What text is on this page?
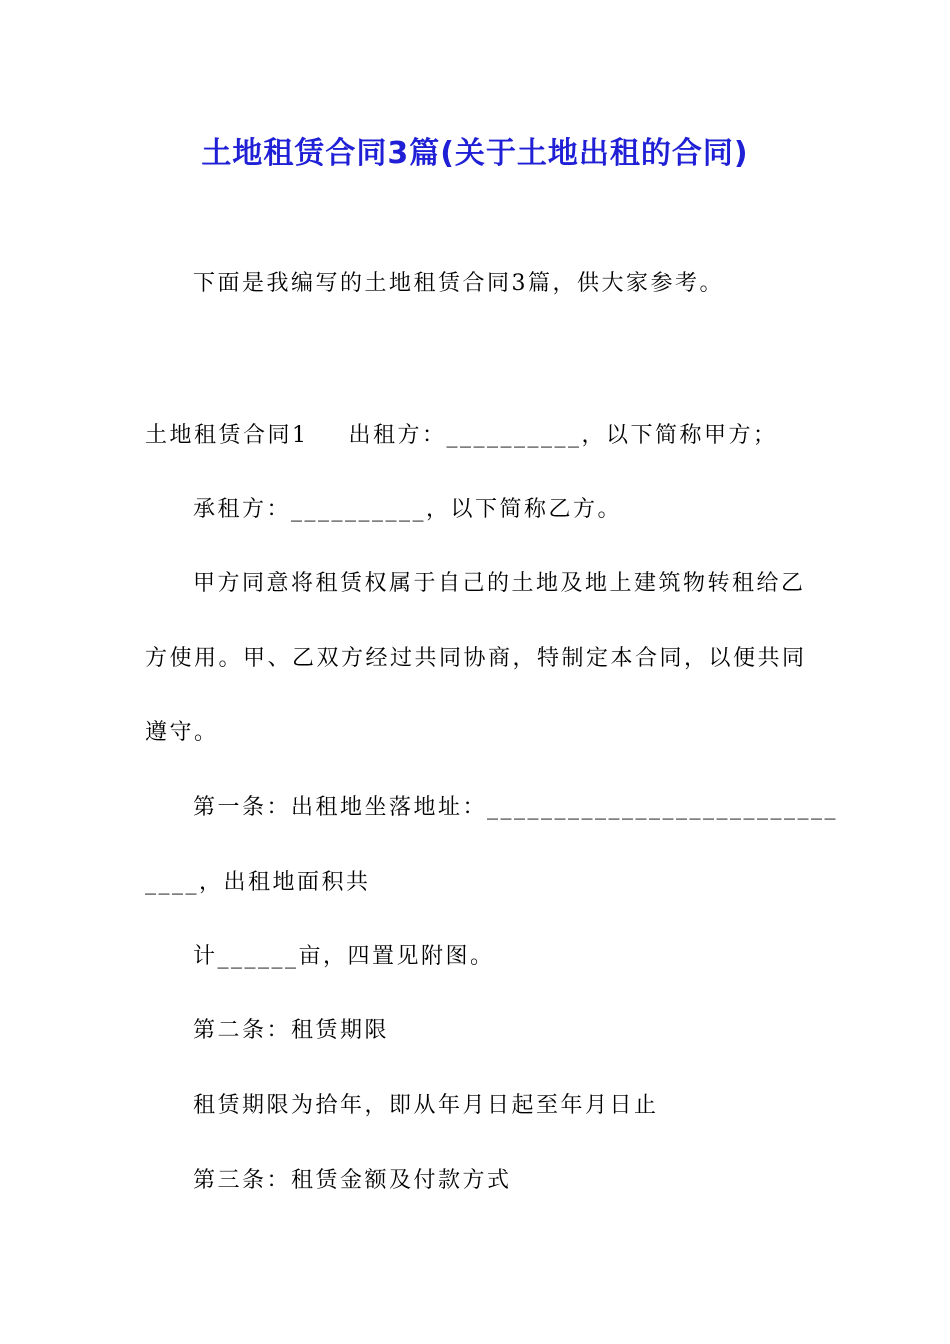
土地租赁合同3篇(关于土地出租的合同)
下面是我编写的土地租赁合同3篇，供大家参考。
土地租赁合同1 出租方：__________，以下简称甲方；
承租方：__________，以下简称乙方。
甲方同意将租赁权属于自己的土地及地上建筑物转租给乙
方使用。甲、乙双方经过共同协商，特制定本合同，以便共同
遵守。
第一条：出租地坐落地址：__________________________
____，出租地面积共
计______亩，四置见附图。
第二条：租赁期限
租赁期限为拾年，即从年月日起至年月日止
第三条：租赁金额及付款方式
